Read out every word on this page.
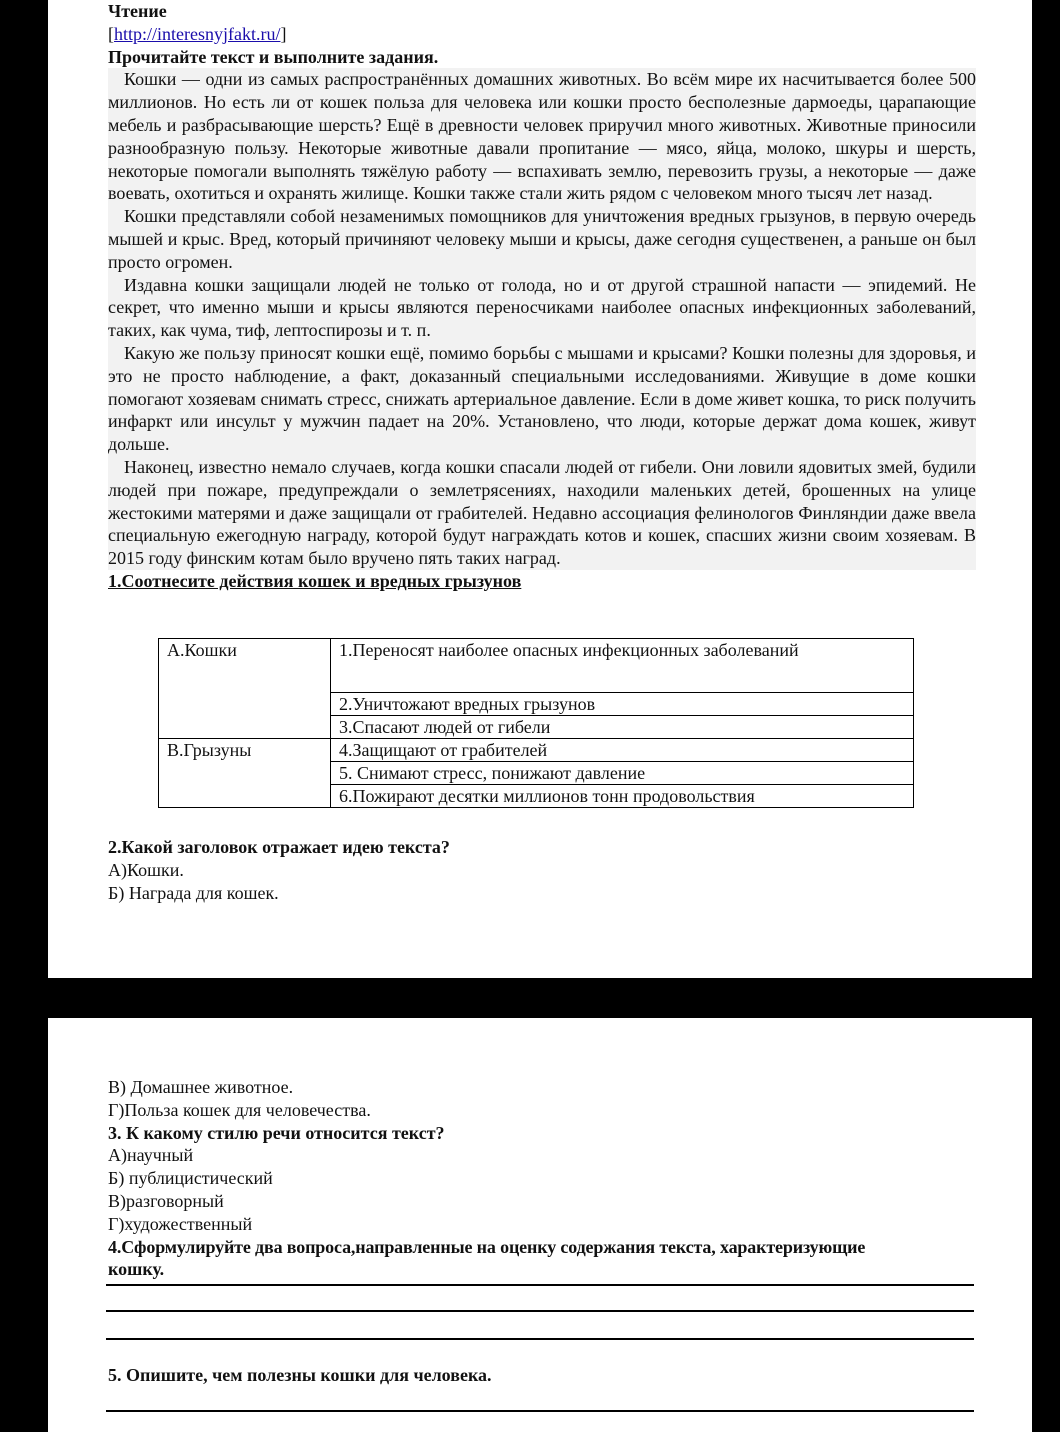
Чтение
[http://interesnyjfakt.ru/]
Прочитайте текст и выполните задания.

Кошки — одни из самых распространённых домашних животных. Во всём мире их насчитывается более 500 миллионов. Но есть ли от кошек польза для человека или кошки просто бесполезные дармоеды, царапающие мебель и разбрасывающие шерсть? Ещё в древности человек приручил много животных. Животные приносили разнообразную пользу. Некоторые животные давали пропитание — мясо, яйца, молоко, шкуры и шерсть, некоторые помогали выполнять тяжёлую работу — вспахивать землю, перевозить грузы, а некоторые — даже воевать, охотиться и охранять жилище. Кошки также стали жить рядом с человеком много тысяч лет назад.

Кошки представляли собой незаменимых помощников для уничтожения вредных грызунов, в первую очередь мышей и крыс. Вред, который причиняют человеку мыши и крысы, даже сегодня существенен, а раньше он был просто огромен.

Издавна кошки защищали людей не только от голода, но и от другой страшной напасти — эпидемий. Не секрет, что именно мыши и крысы являются переносчиками наиболее опасных инфекционных заболеваний, таких, как чума, тиф, лептоспирозы и т. п.

Какую же пользу приносят кошки ещё, помимо борьбы с мышами и крысами? Кошки полезны для здоровья, и это не просто наблюдение, а факт, доказанный специальными исследованиями. Живущие в доме кошки помогают хозяевам снимать стресс, снижать артериальное давление. Если в доме живет кошка, то риск получить инфаркт или инсульт у мужчин падает на 20%. Установлено, что люди, которые держат дома кошек, живут дольше.

Наконец, известно немало случаев, когда кошки спасали людей от гибели. Они ловили ядовитых змей, будили людей при пожаре, предупреждали о землетрясениях, находили маленьких детей, брошенных на улице жестокими матерями и даже защищали от грабителей. Недавно ассоциация фелинологов Финляндии даже ввела специальную ежегодную награду, которой будут награждать котов и кошек, спасших жизни своим хозяевам. В 2015 году финским котам было вручено пять таких наград.

1.Соотнесите действия кошек и вредных грызунов
А.Кошки	1.Переносят наиболее опасных инфекционных заболеваний
	2.Уничтожают вредных грызунов
	3.Спасают людей от гибели
В.Грызуны	4.Защищают от грабителей
	5. Снимают стресс, понижают давление
	6.Пожирают десятки миллионов тонн продовольствия
2.Какой заголовок отражает идею текста?
А)Кошки.
Б) Награда для кошек.
В) Домашнее животное.
Г)Польза кошек для человечества.
3. К какому стилю речи относится текст?
А)научный
Б) публицистический
В)разговорный
Г)художественный
4.Сформулируйте два вопроса,направленные на оценку содержания текста, характеризующие
кошку.
5. Опишите, чем полезны кошки для человека.
